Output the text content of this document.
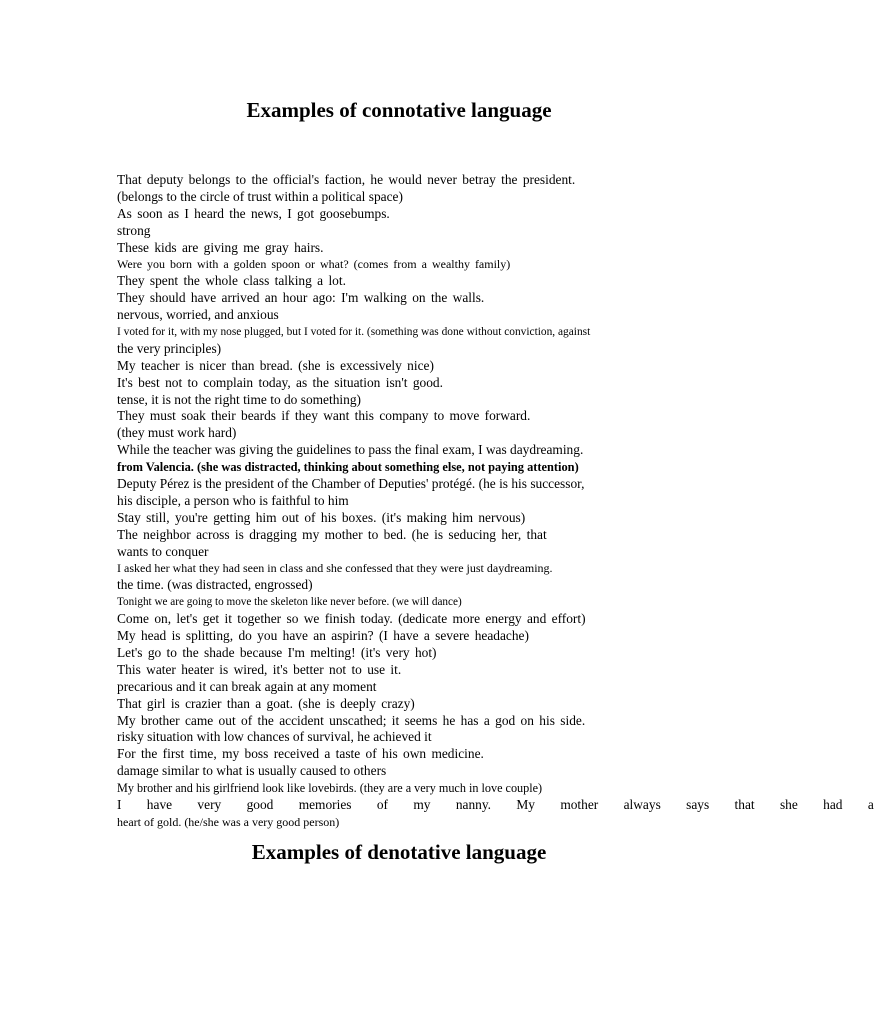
Examples of connotative language
That deputy belongs to the official's faction, he would never betray the president.
(belongs to the circle of trust within a political space)
As soon as I heard the news, I got goosebumps.
strong
These kids are giving me gray hairs.
Were you born with a golden spoon or what? (comes from a wealthy family)
They spent the whole class talking a lot.
They should have arrived an hour ago: I'm walking on the walls.
nervous, worried, and anxious
I voted for it, with my nose plugged, but I voted for it. (something was done without conviction, against
the very principles)
My teacher is nicer than bread. (she is excessively nice)
It's best not to complain today, as the situation isn't good.
tense, it is not the right time to do something)
They must soak their beards if they want this company to move forward.
(they must work hard)
While the teacher was giving the guidelines to pass the final exam, I was daydreaming.
from Valencia. (she was distracted, thinking about something else, not paying attention)
Deputy Pérez is the president of the Chamber of Deputies' protégé. (he is his successor,
his disciple, a person who is faithful to him
Stay still, you're getting him out of his boxes. (it's making him nervous)
The neighbor across is dragging my mother to bed. (he is seducing her, that
wants to conquer
I asked her what they had seen in class and she confessed that they were just daydreaming.
the time. (was distracted, engrossed)
Tonight we are going to move the skeleton like never before. (we will dance)
Come on, let's get it together so we finish today. (dedicate more energy and effort)
My head is splitting, do you have an aspirin? (I have a severe headache)
Let's go to the shade because I'm melting! (it's very hot)
This water heater is wired, it's better not to use it.
precarious and it can break again at any moment
That girl is crazier than a goat. (she is deeply crazy)
My brother came out of the accident unscathed; it seems he has a god on his side.
risky situation with low chances of survival, he achieved it
For the first time, my boss received a taste of his own medicine.
damage similar to what is usually caused to others
My brother and his girlfriend look like lovebirds. (they are a very much in love couple)
I have very good memories of my nanny. My mother always says that she had a
heart of gold. (he/she was a very good person)
Examples of denotative language
